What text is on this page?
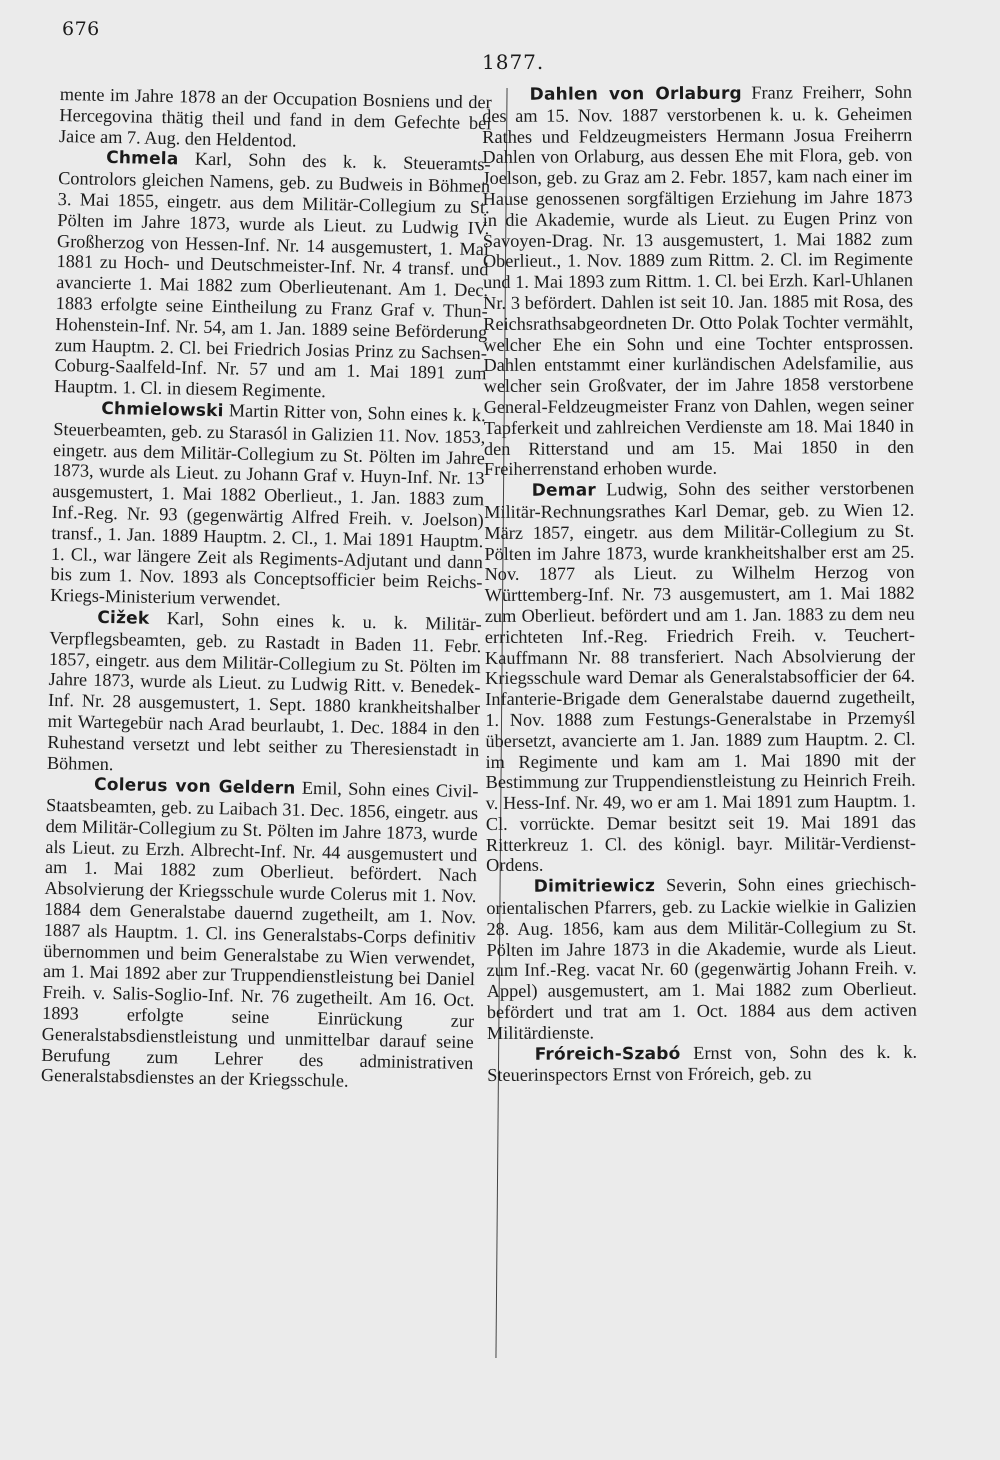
676
1877.

mente im Jahre 1878 an der Occupation Bosniens und der Hercegovina thätig theil und fand in dem Gefechte bei Jaice am 7. Aug. den Heldentod.

Chmela Karl, Sohn des k. k. Steueramts-Controlors gleichen Namens, geb. zu Budweis in Böhmen 3. Mai 1855, eingetr. aus dem Militär-Collegium zu St. Pölten im Jahre 1873, wurde als Lieut. zu Ludwig IV. Großherzog von Hessen-Inf. Nr. 14 ausgemustert, 1. Mai 1881 zu Hoch- und Deutschmeister-Inf. Nr. 4 transf. und avancierte 1. Mai 1882 zum Oberlieutenant. Am 1. Dec. 1883 erfolgte seine Eintheilung zu Franz Graf v. Thun-Hohenstein-Inf. Nr. 54, am 1. Jan. 1889 seine Beförderung zum Hauptm. 2. Cl. bei Friedrich Josias Prinz zu Sachsen-Coburg-Saalfeld-Inf. Nr. 57 und am 1. Mai 1891 zum Hauptm. 1. Cl. in diesem Regimente.

Chmielowski Martin Ritter von, Sohn eines k. k. Steuerbeamten, geb. zu Starasól in Galizien 11. Nov. 1853, eingetr. aus dem Militär-Collegium zu St. Pölten im Jahre 1873, wurde als Lieut. zu Johann Graf v. Huyn-Inf. Nr. 13 ausgemustert, 1. Mai 1882 Oberlieut., 1. Jan. 1883 zum Inf.-Reg. Nr. 93 (gegenwärtig Alfred Freih. v. Joelson) transf., 1. Jan. 1889 Hauptm. 2. Cl., 1. Mai 1891 Hauptm. 1. Cl., war längere Zeit als Regiments-Adjutant und dann bis zum 1. Nov. 1893 als Conceptsofficier beim Reichs-Kriegs-Ministerium verwendet.

Cižek Karl, Sohn eines k. u. k. Militär-Verpflegsbeamten, geb. zu Rastadt in Baden 11. Febr. 1857, eingetr. aus dem Militär-Collegium zu St. Pölten im Jahre 1873, wurde als Lieut. zu Ludwig Ritt. v. Benedek-Inf. Nr. 28 ausgemustert, 1. Sept. 1880 krankheitshalber mit Wartegebür nach Arad beurlaubt, 1. Dec. 1884 in den Ruhestand versetzt und lebt seither zu Theresienstadt in Böhmen.

Colerus von Geldern Emil, Sohn eines Civil-Staatsbeamten, geb. zu Laibach 31. Dec. 1856, eingetr. aus dem Militär-Collegium zu St. Pölten im Jahre 1873, wurde als Lieut. zu Erzh. Albrecht-Inf. Nr. 44 ausgemustert und am 1. Mai 1882 zum Oberlieut. befördert. Nach Absolvierung der Kriegsschule wurde Colerus mit 1. Nov. 1884 dem Generalstabe dauernd zugetheilt, am 1. Nov. 1887 als Hauptm. 1. Cl. ins Generalstabs-Corps definitiv übernommen und beim Generalstabe zu Wien verwendet, am 1. Mai 1892 aber zur Truppendienstleistung bei Daniel Freih. v. Salis-Soglio-Inf. Nr. 76 zugetheilt. Am 16. Oct. 1893 erfolgte seine Einrückung zur Generalstabsdienstleistung und unmittelbar darauf seine Berufung zum Lehrer des administrativen Generalstabsdienstes an der Kriegsschule.

Dahlen von Orlaburg Franz Freiherr, Sohn des am 15. Nov. 1887 verstorbenen k. u. k. Geheimen Rathes und Feldzeugmeisters Hermann Josua Freiherrn Dahlen von Orlaburg, aus dessen Ehe mit Flora, geb. von Joelson, geb. zu Graz am 2. Febr. 1857, kam nach einer im Hause genossenen sorgfältigen Erziehung im Jahre 1873 in die Akademie, wurde als Lieut. zu Eugen Prinz von Savoyen-Drag. Nr. 13 ausgemustert, 1. Mai 1882 zum Oberlieut., 1. Nov. 1889 zum Rittm. 2. Cl. im Regimente und 1. Mai 1893 zum Rittm. 1. Cl. bei Erzh. Karl-Uhlanen Nr. 3 befördert. Dahlen ist seit 10. Jan. 1885 mit Rosa, des Reichsrathsabgeordneten Dr. Otto Polak Tochter vermählt, welcher Ehe ein Sohn und eine Tochter entsprossen. Dahlen entstammt einer kurländischen Adelsfamilie, aus welcher sein Großvater, der im Jahre 1858 verstorbene General-Feldzeugmeister Franz von Dahlen, wegen seiner Tapferkeit und zahlreichen Verdienste am 18. Mai 1840 in den Ritterstand und am 15. Mai 1850 in den Freiherrenstand erhoben wurde.

Demar Ludwig, Sohn des seither verstorbenen Militär-Rechnungsrathes Karl Demar, geb. zu Wien 12. März 1857, eingetr. aus dem Militär-Collegium zu St. Pölten im Jahre 1873, wurde krankheitshalber erst am 25. Nov. 1877 als Lieut. zu Wilhelm Herzog von Württemberg-Inf. Nr. 73 ausgemustert, am 1. Mai 1882 zum Oberlieut. befördert und am 1. Jan. 1883 zu dem neu errichteten Inf.-Reg. Friedrich Freih. v. Teuchert-Kauffmann Nr. 88 transferiert. Nach Absolvierung der Kriegsschule ward Demar als Generalstabsofficier der 64. Infanterie-Brigade dem Generalstabe dauernd zugetheilt, 1. Nov. 1888 zum Festungs-Generalstabe in Przemyśl übersetzt, avancierte am 1. Jan. 1889 zum Hauptm. 2. Cl. im Regimente und kam am 1. Mai 1890 mit der Bestimmung zur Truppendienstleistung zu Heinrich Freih. v. Hess-Inf. Nr. 49, wo er am 1. Mai 1891 zum Hauptm. 1. Cl. vorrückte. Demar besitzt seit 19. Mai 1891 das Ritterkreuz 1. Cl. des königl. bayr. Militär-Verdienst-Ordens.

Dimitriewicz Severin, Sohn eines griechisch-orientalischen Pfarrers, geb. zu Lackie wielkie in Galizien 28. Aug. 1856, kam aus dem Militär-Collegium zu St. Pölten im Jahre 1873 in die Akademie, wurde als Lieut. zum Inf.-Reg. vacat Nr. 60 (gegenwärtig Johann Freih. v. Appel) ausgemustert, am 1. Mai 1882 zum Oberlieut. befördert und trat am 1. Oct. 1884 aus dem activen Militärdienste.

Fróreich-Szabó Ernst von, Sohn des k. k. Steuerinspectors Ernst von Fróreich, geb. zu
